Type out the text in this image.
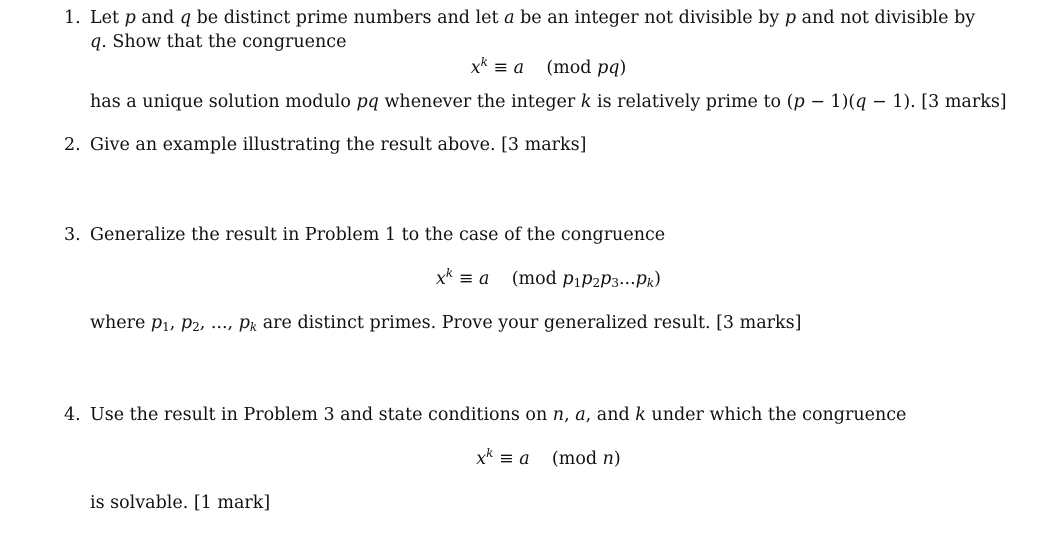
1. Let p and q be distinct prime numbers and let a be an integer not divisible by p and not divisible by
q. Show that the congruence
$x^k \equiv a$ (mod pq)
has a unique solution modulo pq whenever the integer k is relatively prime to (p − 1)(q − 1). [3 marks]
2. Give an example illustrating the result above. [3 marks]
3. Generalize the result in Problem 1 to the case of the congruence
$x^k \equiv a$ (mod $p_1p_2p_3...p_k$)
where $p_1$, $p_2$, ..., $p_k$ are distinct primes. Prove your generalized result. [3 marks]
4. Use the result in Problem 3 and state conditions on n, a, and k under which the congruence
$x^k \equiv a$ (mod n)
is solvable. [1 mark]
